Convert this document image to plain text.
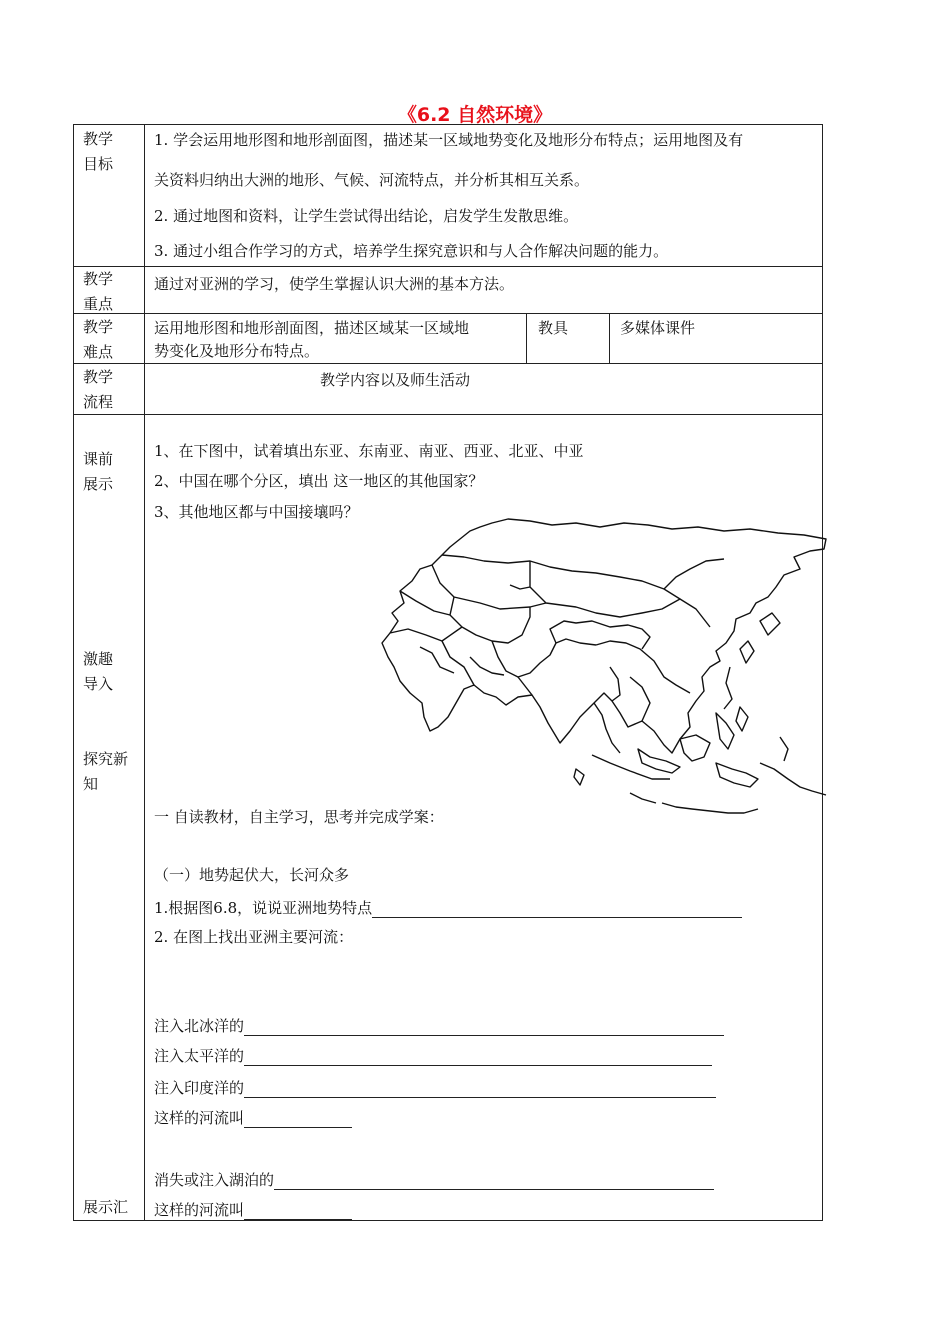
《6.2 自然环境》
教学
目标
1. 学会运用地形图和地形剖面图，描述某一区域地势变化及地形分布特点；运用地图及有
关资料归纳出大洲的地形、气候、河流特点，并分析其相互关系。
2. 通过地图和资料，让学生尝试得出结论，启发学生发散思维。
3. 通过小组合作学习的方式，培养学生探究意识和与人合作解决问题的能力。
教学
重点
通过对亚洲的学习，使学生掌握认识大洲的基本方法。
教学
难点
运用地形图和地形剖面图，描述区域某一区域地
势变化及地形分布特点。
教具	多媒体课件
教学
流程
教学内容以及师生活动
课前
展示
激趣
导入
探究新
知
展示汇
1、在下图中，试着填出东亚、东南亚、南亚、西亚、北亚、中亚
2、中国在哪个分区，填出 这一地区的其他国家？
3、其他地区都与中国接壤吗？
一 自读教材，自主学习，思考并完成学案：
（一）地势起伏大，长河众多
1.根据图6.8，说说亚洲地势特点
2. 在图上找出亚洲主要河流：
注入北冰洋的
注入太平洋的
注入印度洋的
这样的河流叫
消失或注入湖泊的
这样的河流叫
